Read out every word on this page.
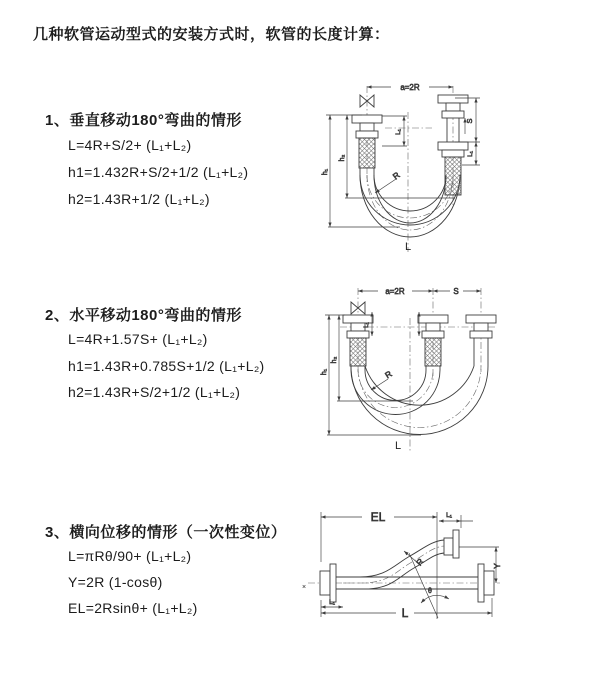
几种软管运动型式的安装方式时，软管的长度计算：
1、垂直移动180°弯曲的情形
L=4R+S/2+ (L₁+L₂)
h1=1.432R+S/2+1/2 (L₁+L₂)
h2=1.43R+1/2 (L₁+L₂)
2、水平移动180°弯曲的情形
L=4R+1.57S+ (L₁+L₂)
h1=1.43R+0.785S+1/2 (L₁+L₂)
h2=1.43R+S/2+1/2 (L₁+L₂)
3、横向位移的情形（一次性变位）
L=πRθ/90+ (L₁+L₂)
Y=2R (1-cosθ)
EL=2Rsinθ+ (L₁+L₂)
a=2R
L₁
S
L₁
h₁
h₂
R
L
a=2R	S
L₁
h₁
h₂
R
L
EL	L₁
Y
L
L₁
θ
R
×
